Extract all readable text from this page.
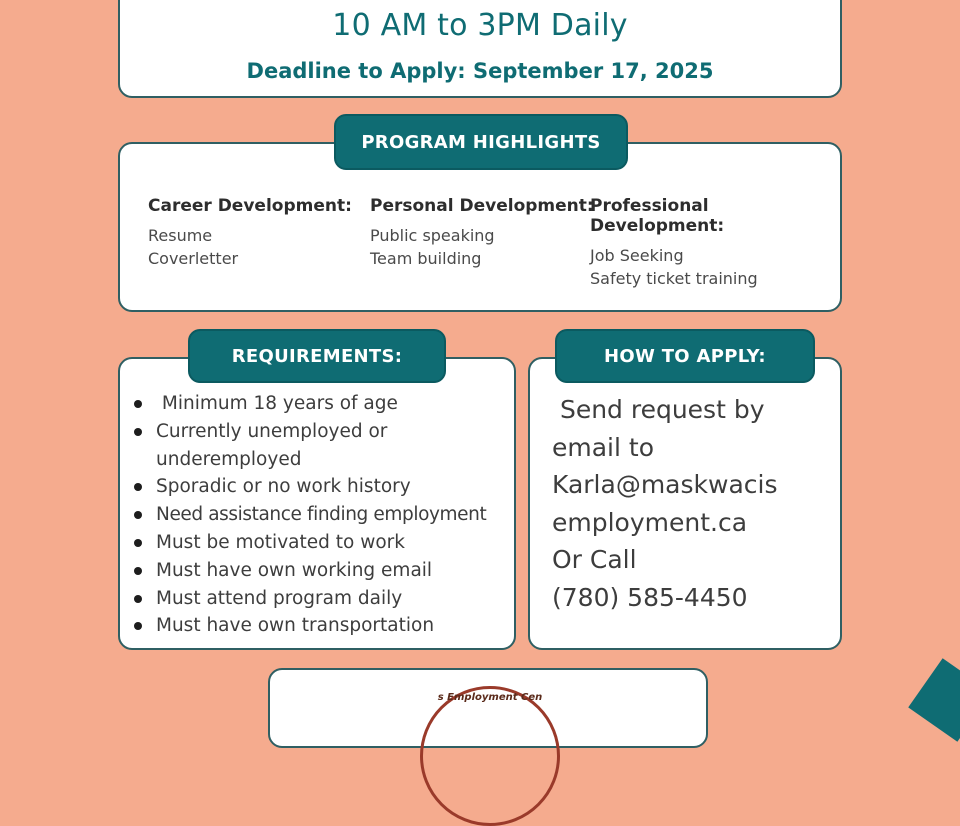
10 AM to 3PM Daily
Deadline to Apply: September 17, 2025
Career Development:
Resume
Coverletter
Personal Development:
Public speaking
Team building
Professional Development:
Job Seeking
Safety ticket training
PROGRAM HIGHLIGHTS
Minimum 18 years of age
Currently unemployed or underemployed
Sporadic or no work history
Need assistance finding employment
Must be motivated to work
Must have own working email
Must attend program daily
Must have own transportation
REQUIREMENTS:
Send request by
email to
Karla@maskwacis
employment.ca
Or Call
(780) 585-4450
HOW TO APPLY:
s Employment Cen
